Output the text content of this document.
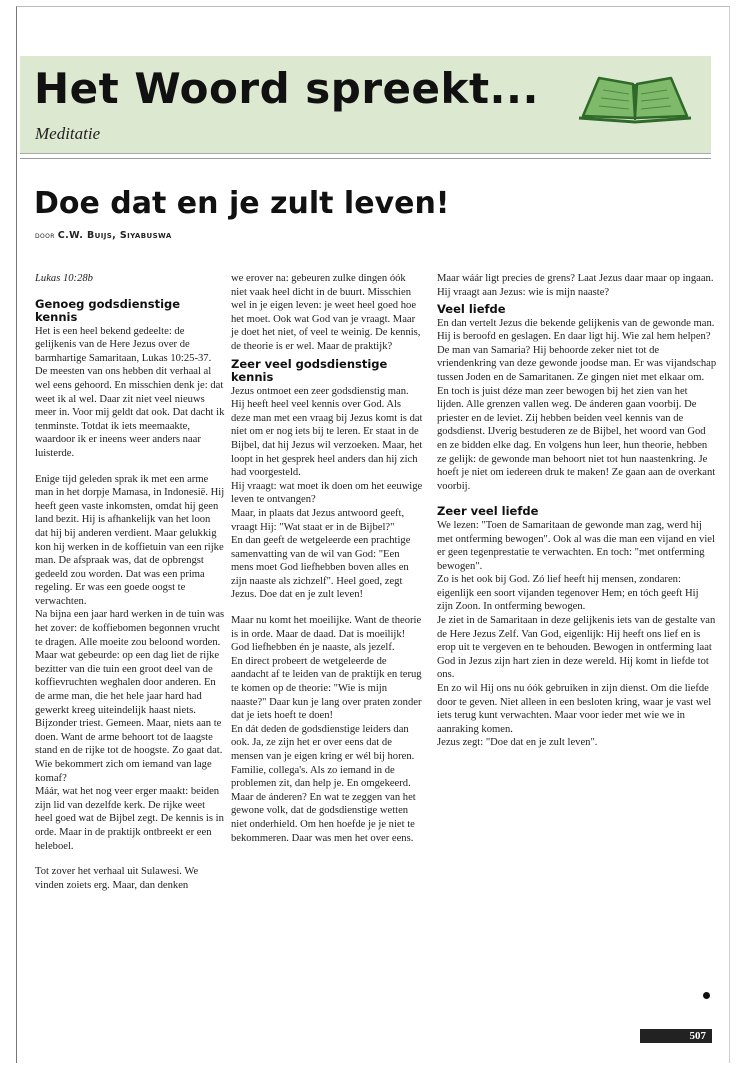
Het Woord spreekt...
Meditatie
Doe dat en je zult leven!
door C.W. Buijs, Siyabuswa

Lukas 10:28b

Genoeg godsdienstige kennis

Het is een heel bekend gedeelte: de gelijkenis van de Here Jezus over de barmhartige Samaritaan, Lukas 10:25-37. De meesten van ons hebben dit verhaal al wel eens gehoord. En misschien denk je: dat weet ik al wel. Daar zit niet veel nieuws meer in. Voor mij geldt dat ook. Dat dacht ik tenminste. Totdat ik iets meemaakte, waardoor ik er ineens weer anders naar luisterde.

Enige tijd geleden sprak ik met een arme man in het dorpje Mamasa, in Indonesië. Hij heeft geen vaste inkomsten, omdat hij geen land bezit. Hij is afhankelijk van het loon dat hij bij anderen verdient. Maar gelukkig kon hij werken in de koffietuin van een rijke man. De afspraak was, dat de opbrengst gedeeld zou worden. Dat was een prima regeling. Er was een goede oogst te verwachten.

Na bijna een jaar hard werken in de tuin was het zover: de koffiebomen begonnen vrucht te dragen. Alle moeite zou beloond worden. Maar wat gebeurde: op een dag liet de rijke bezitter van die tuin een groot deel van de koffievruchten weghalen door anderen. En de arme man, die het hele jaar hard had gewerkt kreeg uiteindelijk haast niets.

Bijzonder triest. Gemeen. Maar, niets aan te doen. Want de arme behoort tot de laagste stand en de rijke tot de hoogste. Zo gaat dat. Wie bekommert zich om iemand van lage komaf?

Máár, wat het nog veer erger maakt: beiden zijn lid van dezelfde kerk. De rijke weet heel goed wat de Bijbel zegt. De kennis is in orde. Maar in de praktijk ontbreekt er een heleboel.

Tot zover het verhaal uit Sulawesi. We vinden zoiets erg. Maar, dan denken

we erover na: gebeuren zulke dingen óók niet vaak heel dicht in de buurt. Misschien wel in je eigen leven: je weet heel goed hoe het moet. Ook wat God van je vraagt. Maar je doet het niet, of veel te weinig. De kennis, de theorie is er wel. Maar de praktijk?

Zeer veel godsdienstige kennis

Jezus ontmoet een zeer godsdienstig man. Hij heeft heel veel kennis over God. Als deze man met een vraag bij Jezus komt is dat niet om er nog iets bij te leren. Er staat in de Bijbel, dat hij Jezus wil verzoeken. Maar, het loopt in het gesprek heel anders dan hij zich had voorgesteld.

Hij vraagt: wat moet ik doen om het eeuwige leven te ontvangen?

Maar, in plaats dat Jezus antwoord geeft, vraagt Hij: "Wat staat er in de Bijbel?"

En dan geeft de wetgeleerde een prachtige samenvatting van de wil van God: "Een mens moet God liefhebben boven alles en zijn naaste als zichzelf". Heel goed, zegt Jezus. Doe dat en je zult leven!

Maar nu komt het moeilijke. Want de theorie is in orde. Maar de daad. Dat is moeilijk! God liefhebben én je naaste, als jezelf.

En direct probeert de wetgeleerde de aandacht af te leiden van de praktijk en terug te komen op de theorie: "Wie is mijn naaste?" Daar kun je lang over praten zonder dat je iets hoeft te doen!

En dát deden de godsdienstige leiders dan ook. Ja, ze zijn het er over eens dat de mensen van je eigen kring er wél bij horen. Familie, collega's. Als zo iemand in de problemen zit, dan help je. En omgekeerd. Maar de ánderen? En wat te zeggen van het gewone volk, dat de godsdienstige wetten niet onderhield. Om hen hoefde je je niet te bekommeren. Daar was men het over eens.

Maar wáár ligt precies de grens? Laat Jezus daar maar op ingaan.

Hij vraagt aan Jezus: wie is mijn naaste?

Veel liefde

En dan vertelt Jezus die bekende gelijkenis van de gewonde man. Hij is beroofd en geslagen. En daar ligt hij. Wie zal hem helpen? De man van Samaria? Hij behoorde zeker niet tot de vriendenkring van deze gewonde joodse man. Er was vijandschap tussen Joden en de Samaritanen. Ze gingen niet met elkaar om.

En toch is juist déze man zeer bewogen bij het zien van het lijden. Alle grenzen vallen weg. De ánderen gaan voorbij. De priester en de leviet. Zij hebben beiden veel kennis van de godsdienst. IJverig bestuderen ze de Bijbel, het woord van God en ze bidden elke dag. En volgens hun leer, hun theorie, hebben ze gelijk: de gewonde man behoort niet tot hun naastenkring. Je hoeft je niet om iedereen druk te maken! Ze gaan aan de overkant voorbij.

Zeer veel liefde

We lezen: "Toen de Samaritaan de gewonde man zag, werd hij met ontferming bewogen". Ook al was die man een vijand en viel er geen tegenprestatie te verwachten. En toch: "met ontferming bewogen".

Zo is het ook bij God. Zó lief heeft hij mensen, zondaren: eigenlijk een soort vijanden tegenover Hem; en tóch geeft Hij zijn Zoon. In ontferming bewogen.

Je ziet in de Samaritaan in deze gelijkenis iets van de gestalte van de Here Jezus Zelf. Van God, eigenlijk: Hij heeft ons lief en is erop uit te vergeven en te behouden. Bewogen in ontferming laat God in Jezus zijn hart zien in deze wereld. Hij komt in liefde tot ons.

En zo wil Hij ons nu óók gebruiken in zijn dienst. Om die liefde door te geven. Niet alleen in een besloten kring, waar je vast wel iets terug kunt verwachten. Maar voor ieder met wie we in aanraking komen.

Jezus zegt: "Doe dat en je zult leven".

507
